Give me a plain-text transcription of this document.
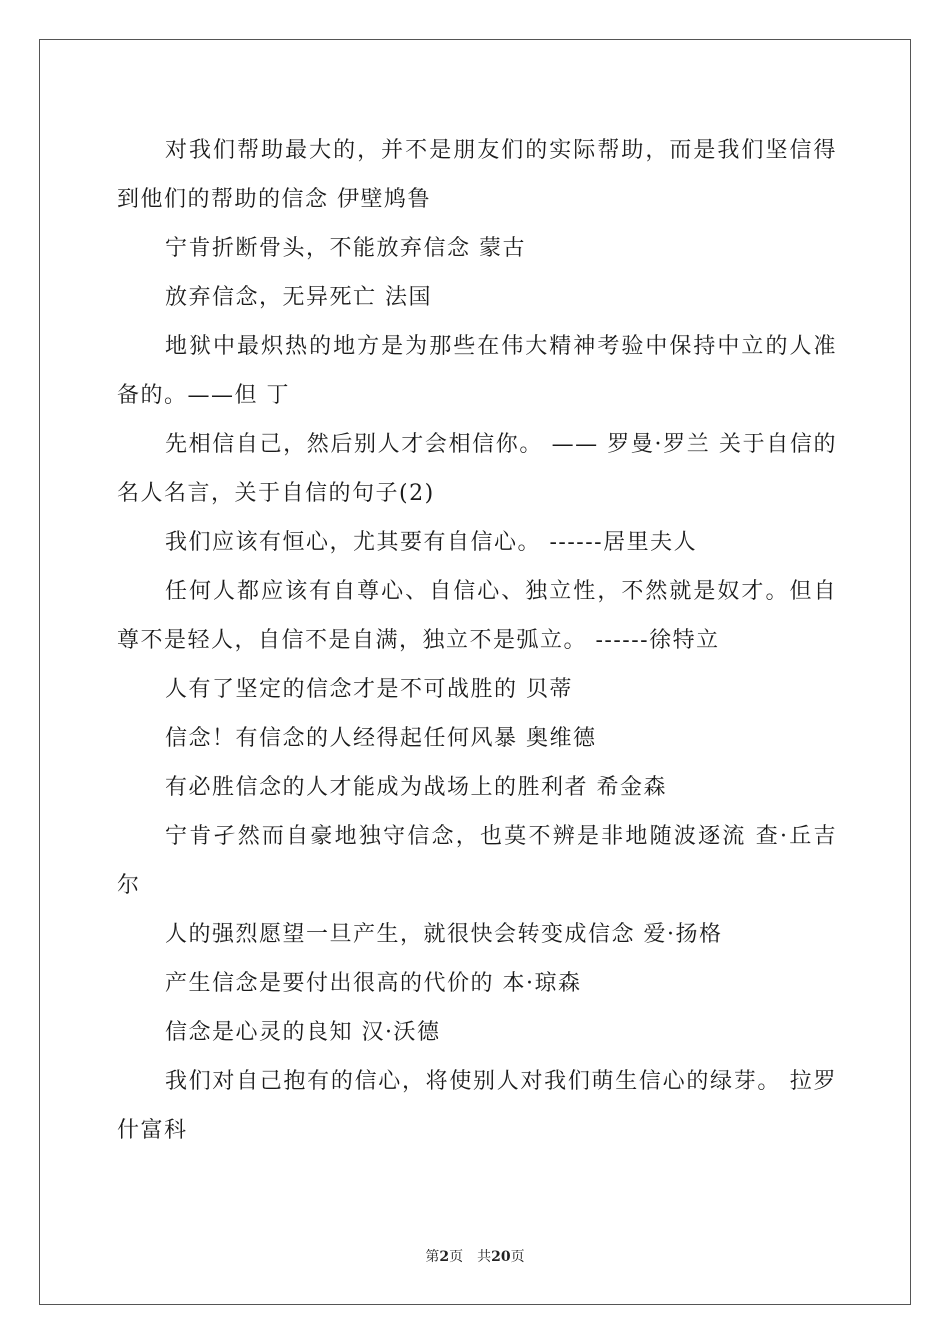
对我们帮助最大的，并不是朋友们的实际帮助，而是我们坚信得到他们的帮助的信念 伊壁鸠鲁

宁肯折断骨头，不能放弃信念 蒙古

放弃信念，无异死亡 法国

地狱中最炽热的地方是为那些在伟大精神考验中保持中立的人准备的。——但 丁

先相信自己，然后别人才会相信你。 —— 罗曼·罗兰 关于自信的名人名言，关于自信的句子(2)

我们应该有恒心，尤其要有自信心。 ------居里夫人

任何人都应该有自尊心、自信心、独立性，不然就是奴才。但自尊不是轻人，自信不是自满，独立不是弧立。 ------徐特立

人有了坚定的信念才是不可战胜的 贝蒂

信念！有信念的人经得起任何风暴 奥维德

有必胜信念的人才能成为战场上的胜利者 希金森

宁肯孑然而自豪地独守信念，也莫不辨是非地随波逐流 查·丘吉尔

人的强烈愿望一旦产生，就很快会转变成信念 爱·扬格

产生信念是要付出很高的代价的 本·琼森

信念是心灵的良知 汉·沃德

我们对自己抱有的信心，将使别人对我们萌生信心的绿芽。 拉罗什富科

第2页 共20页
